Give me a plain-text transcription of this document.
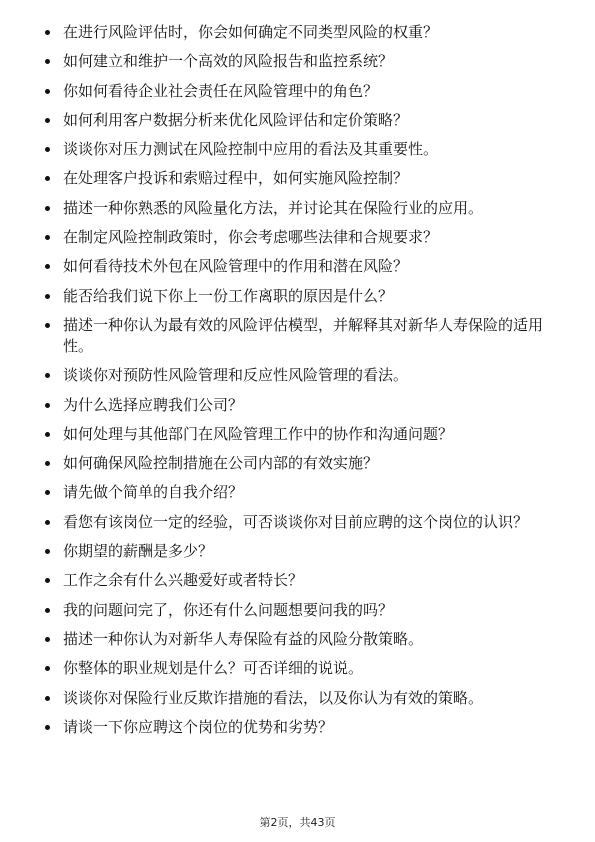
在进行风险评估时，你会如何确定不同类型风险的权重？
如何建立和维护一个高效的风险报告和监控系统？
你如何看待企业社会责任在风险管理中的角色？
如何利用客户数据分析来优化风险评估和定价策略？
谈谈你对压力测试在风险控制中应用的看法及其重要性。
在处理客户投诉和索赔过程中，如何实施风险控制？
描述一种你熟悉的风险量化方法，并讨论其在保险行业的应用。
在制定风险控制政策时，你会考虑哪些法律和合规要求？
如何看待技术外包在风险管理中的作用和潜在风险？
能否给我们说下你上一份工作离职的原因是什么？
描述一种你认为最有效的风险评估模型，并解释其对新华人寿保险的适用性。
谈谈你对预防性风险管理和反应性风险管理的看法。
为什么选择应聘我们公司？
如何处理与其他部门在风险管理工作中的协作和沟通问题？
如何确保风险控制措施在公司内部的有效实施？
请先做个简单的自我介绍？
看您有该岗位一定的经验，可否谈谈你对目前应聘的这个岗位的认识？
你期望的薪酬是多少？
工作之余有什么兴趣爱好或者特长？
我的问题问完了，你还有什么问题想要问我的吗？
描述一种你认为对新华人寿保险有益的风险分散策略。
你整体的职业规划是什么？可否详细的说说。
谈谈你对保险行业反欺诈措施的看法，以及你认为有效的策略。
请谈一下你应聘这个岗位的优势和劣势？
第2页，共43页
